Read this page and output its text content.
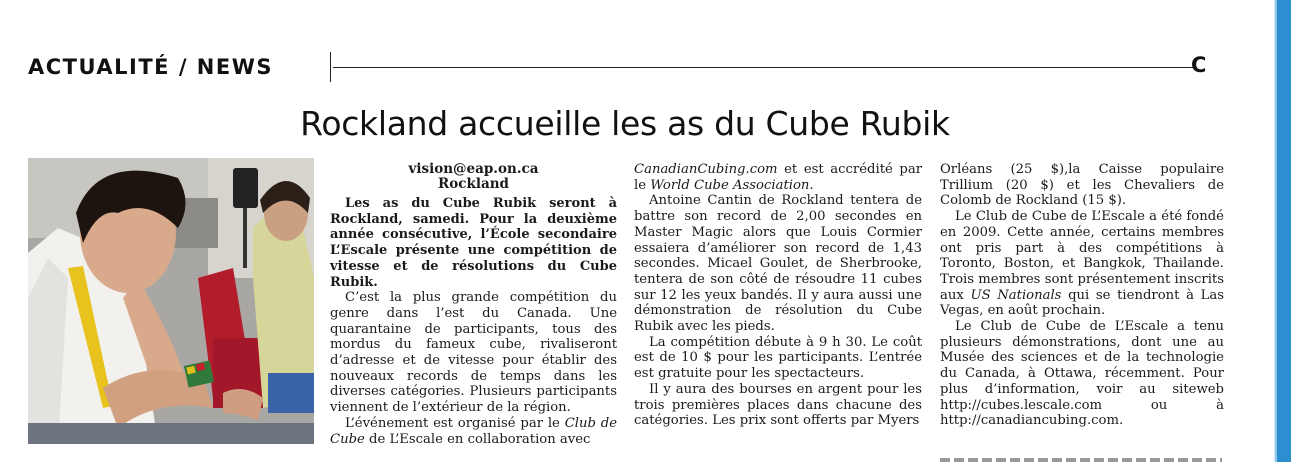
ACTUALITÉ / NEWS	C
Rockland accueille les as du Cube Rubik

vision@eap.on.ca

Rockland

Les as du Cube Rubik seront à Rockland, samedi. Pour la deuxième année consécutive, l’École secondaire L’Escale présente une compétition de vitesse et de résolutions du Cube Rubik.

C’est la plus grande compétition du genre dans l’est du Canada. Une quarantaine de participants, tous des mordus du fameux cube, rivaliseront d’adresse et de vitesse pour établir des nouveaux records de temps dans les diverses catégories. Plusieurs participants viennent de l’extérieur de la région.

L’événement est organisé par le Club de Cube de L’Escale en collaboration avec

CanadianCubing.com et est accrédité par le World Cube Association.

Antoine Cantin de Rockland tentera de battre son record de 2,00 secondes en Master Magic alors que Louis Cormier essaiera d’améliorer son record de 1,43 secondes. Micael Goulet, de Sherbrooke, tentera de son côté de résoudre 11 cubes sur 12 les yeux bandés. Il y aura aussi une démonstration de résolution du Cube Rubik avec les pieds.

La compétition débute à 9 h 30. Le coût est de 10 $ pour les participants. L’entrée est gratuite pour les spectacteurs.

Il y aura des bourses en argent pour les trois premières places dans chacune des catégories. Les prix sont offerts par Myers

Orléans (25 $),la Caisse populaire Trillium (20 $) et les Chevaliers de Colomb de Rockland (15 $).

Le Club de Cube de L’Escale a été fondé en 2009. Cette année, certains membres ont pris part à des compétitions à Toronto, Boston, et Bangkok, Thailande. Trois membres sont présentement inscrits aux US Nationals qui se tiendront à Las Vegas, en août prochain.

Le Club de Cube de L’Escale a tenu plusieurs démonstrations, dont une au Musée des sciences et de la technologie du Canada, à Ottawa, récemment. Pour plus d’information, voir au siteweb http://cubes.lescale.com ou à http://canadiancubing.com.
